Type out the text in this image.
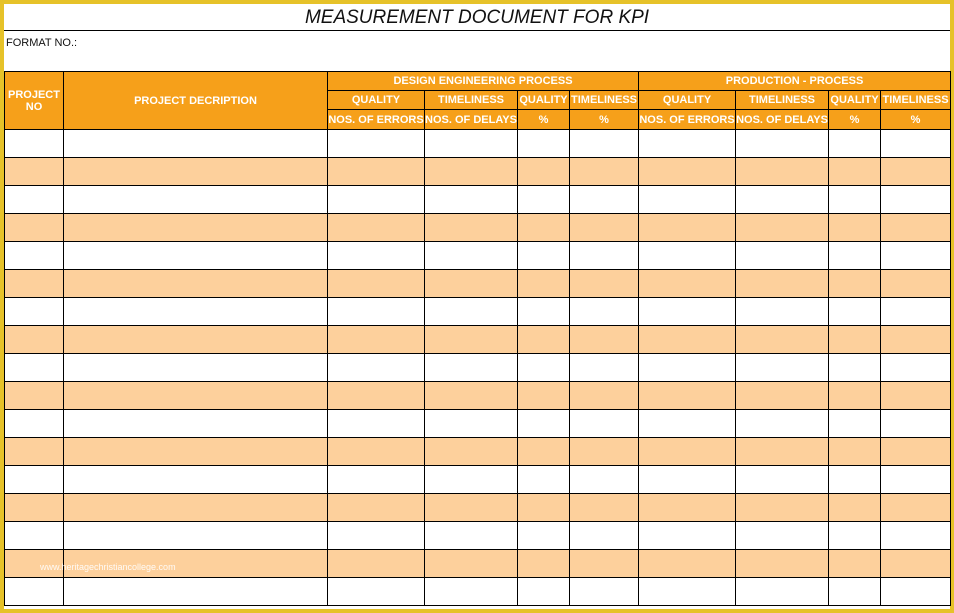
MEASUREMENT DOCUMENT FOR KPI
FORMAT NO.:
PROJECT NO	PROJECT DECRIPTION	DESIGN ENGINEERING PROCESS				PRODUCTION - PROCESS			
		QUALITY	TIMELINESS	QUALITY	TIMELINESS	QUALITY	TIMELINESS	QUALITY	TIMELINESS
		NOS. OF ERRORS	NOS. OF DELAYS	%	%	NOS. OF ERRORS	NOS. OF DELAYS	%	%

www.heritagechristiancollege.com
